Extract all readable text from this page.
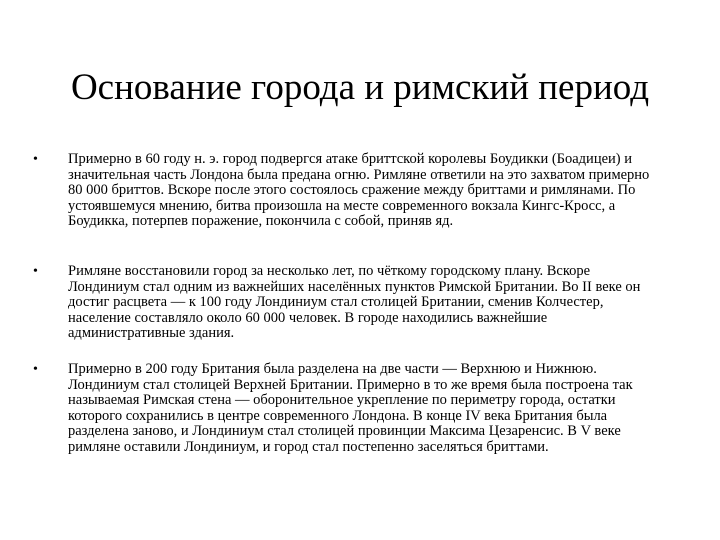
Основание города и римский период
• Примерно в 60 году н. э. город подвергся атаке бриттской королевы Боудикки (Боадицеи) и значительная часть Лондона была предана огню. Римляне ответили на это захватом примерно 80 000 бриттов. Вскоре после этого состоялось сражение между бриттами и римлянами. По устоявшемуся мнению, битва произошла на месте современного вокзала Кингс-Кросс, а Боудикка, потерпев поражение, покончила с собой, приняв яд.

• Римляне восстановили город за несколько лет, по чёткому городскому плану. Вскоре Лондиниум стал одним из важнейших населённых пунктов Римской Британии. Во II веке он достиг расцвета — к 100 году Лондиниум стал столицей Британии, сменив Колчестер, население составляло около 60 000 человек. В городе находились важнейшие административные здания.

• Примерно в 200 году Британия была разделена на две части — Верхнюю и Нижнюю. Лондиниум стал столицей Верхней Британии. Примерно в то же время была построена так называемая Римская стена — оборонительное укрепление по периметру города, остатки которого сохранились в центре современного Лондона. В конце IV века Британия была разделена заново, и Лондиниум стал столицей провинции Максима Цезаренсис. В V веке римляне оставили Лондиниум, и город стал постепенно заселяться бриттами.
